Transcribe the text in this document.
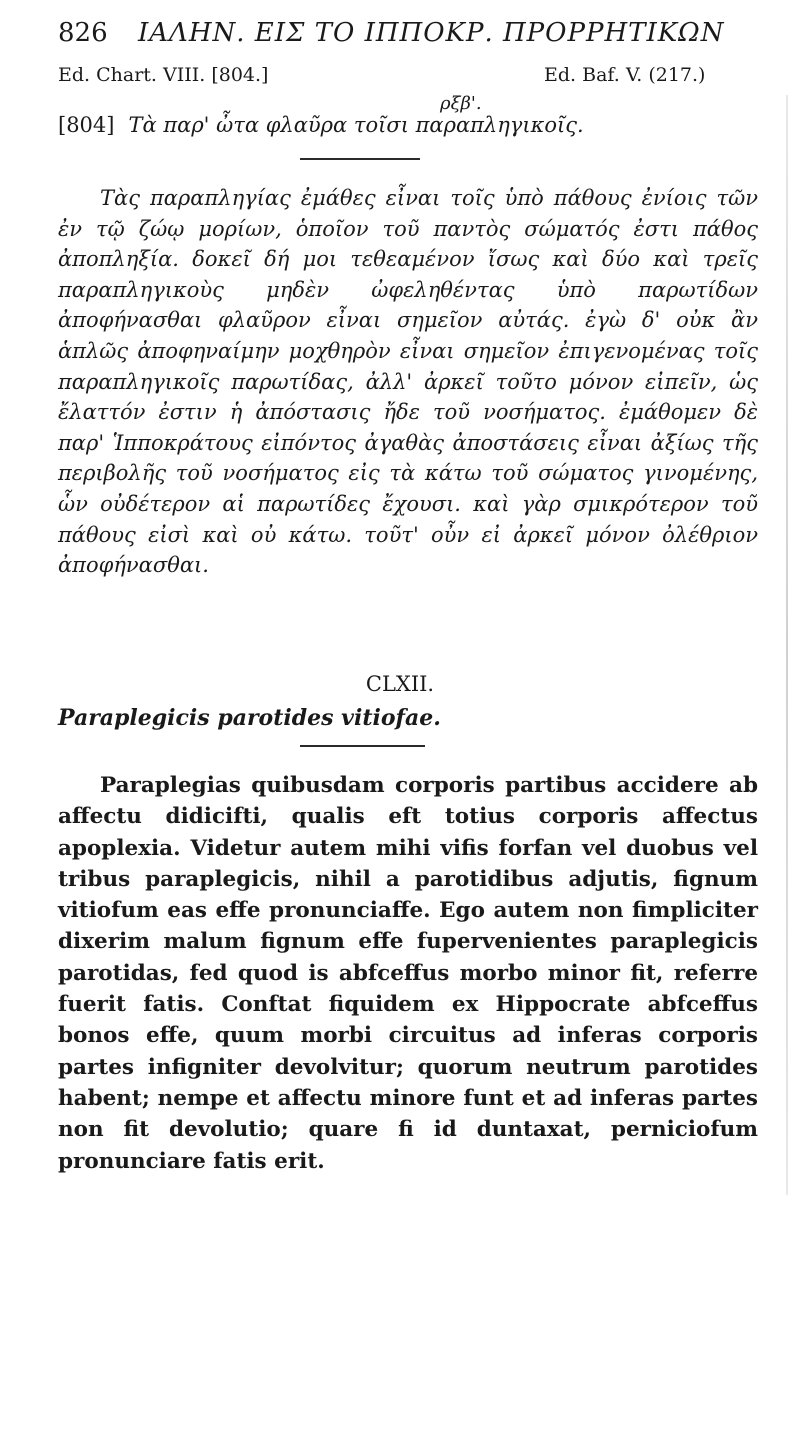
826 ΙΑΛΗΝ. ΕΙΣ ΤΟ ΙΠΠΟΚΡ. ΠΡΟΡΡΗΤΙΚΩΝ
Ed. Chart. VIII. [804.]	Ed. Baf. V. (217.)
ρξβ'.
[804] Τὰ παρ' ὦτα φλαῦρα τοῖσι παραπληγικοῖς.
Τὰς παραπληγίας ἐμάθες εἶναι τοῖς ὑπὸ πάθους ἐνίοις τῶν ἐν τῷ ζώῳ μορίων, ὁποῖον τοῦ παντὸς σώματός ἐστι πάθος ἀποπληξία. δοκεῖ δή μοι τεθεαμένον ἴσως καὶ δύο καὶ τρεῖς παραπληγικοὺς μηδὲν ὠφεληθέντας ὑπὸ παρωτίδων ἀποφήνασθαι φλαῦρον εἶναι σημεῖον αὐτάς. ἐγὼ δ' οὐκ ἂν ἁπλῶς ἀποφηναίμην μοχθηρὸν εἶναι σημεῖον ἐπιγενομένας τοῖς παραπληγικοῖς παρωτίδας, ἀλλ' ἀρκεῖ τοῦτο μόνον εἰπεῖν, ὡς ἔλαττόν ἐστιν ἡ ἀπόστασις ἤδε τοῦ νοσήματος. ἐμάθομεν δὲ παρ' Ἱπποκράτους εἰπόντος ἀγαθὰς ἀποστάσεις εἶναι ἀξίως τῆς περιβολῆς τοῦ νοσήματος εἰς τὰ κάτω τοῦ σώματος γινομένης, ὧν οὐδέτερον αἱ παρωτίδες ἔχουσι. καὶ γὰρ σμικρότερον τοῦ πάθους εἰσὶ καὶ οὐ κάτω. τοῦτ' οὖν εἰ ἀρκεῖ μόνον ὀλέθριον ἀποφήνασθαι.
CLXII.
Paraplegicis parotides vitiofae.
Paraplegias quibusdam corporis partibus accidere ab affectu didicifti, qualis eft totius corporis affectus apoplexia. Videtur autem mihi vifis forfan vel duobus vel tribus paraplegicis, nihil a parotidibus adjutis, fignum vitiofum eas effe pronunciaffe. Ego autem non fimpliciter dixerim malum fignum effe fupervenientes paraplegicis parotidas, fed quod is abfceffus morbo minor fit, referre fuerit fatis. Conftat fiquidem ex Hippocrate abfceffus bonos effe, quum morbi circuitus ad inferas corporis partes infigniter devolvitur; quorum neutrum parotides habent; nempe et affectu minore funt et ad inferas partes non fit devolutio; quare fi id duntaxat, perniciofum pronunciare fatis erit.
